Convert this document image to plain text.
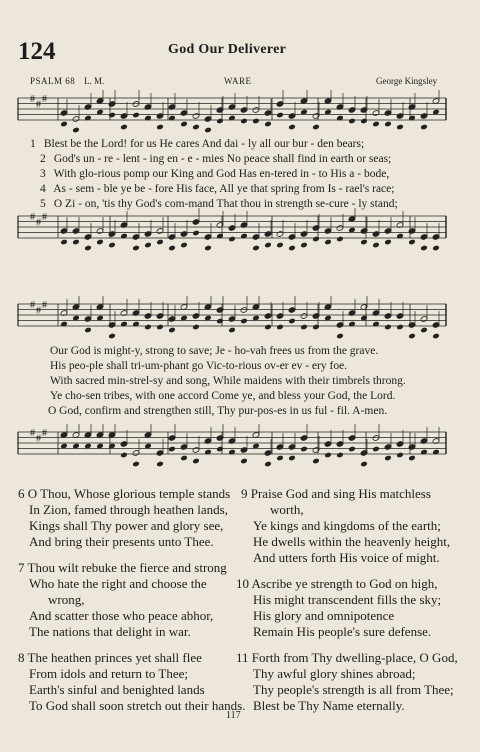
124	God Our Deliverer
PSALM 68 L. M.	WARE	George Kingsley
# # #
# # #
# # #
# # #
1 Blest be the Lord! for us He cares And dai - ly all our bur - den bears;
2 God's un - re - lent - ing en - e - mies No peace shall find in earth or seas;
3 With glo-rious pomp our King and God Has en-tered in - to His a - bode,
4 As - sem - ble ye be - fore His face, All ye that spring from Is - rael's race;
5 O Zi - on, 'tis thy God's com-mand That thou in strength se-cure - ly stand;
Our God is might-y, strong to save; Je - ho-vah frees us from the grave.
His peo-ple shall tri-um-phant go Vic-to-rious ov-er ev - ery foe.
With sacred min-strel-sy and song, While maidens with their timbrels throng.
Ye cho-sen tribes, with one accord Come ye, and bless your God, the Lord.
O God, confirm and strengthen still, Thy pur-pos-es in us ful - fil. A-men.
6 O Thou, Whose glorious temple stands
In Zion, famed through heathen lands,
Kings shall Thy power and glory see,
And bring their presents unto Thee.
7 Thou wilt rebuke the fierce and strong
Who hate the right and choose the
wrong,
And scatter those who peace abhor,
The nations that delight in war.
8 The heathen princes yet shall flee
From idols and return to Thee;
Earth's sinful and benighted lands
To God shall soon stretch out their hands.
9 Praise God and sing His matchless
worth,
Ye kings and kingdoms of the earth;
He dwells within the heavenly height,
And utters forth His voice of might.
10 Ascribe ye strength to God on high,
His might transcendent fills the sky;
His glory and omnipotence
Remain His people's sure defense.
11 Forth from Thy dwelling-place, O God,
Thy awful glory shines abroad;
Thy people's strength is all from Thee;
Blest be Thy Name eternally.
117
